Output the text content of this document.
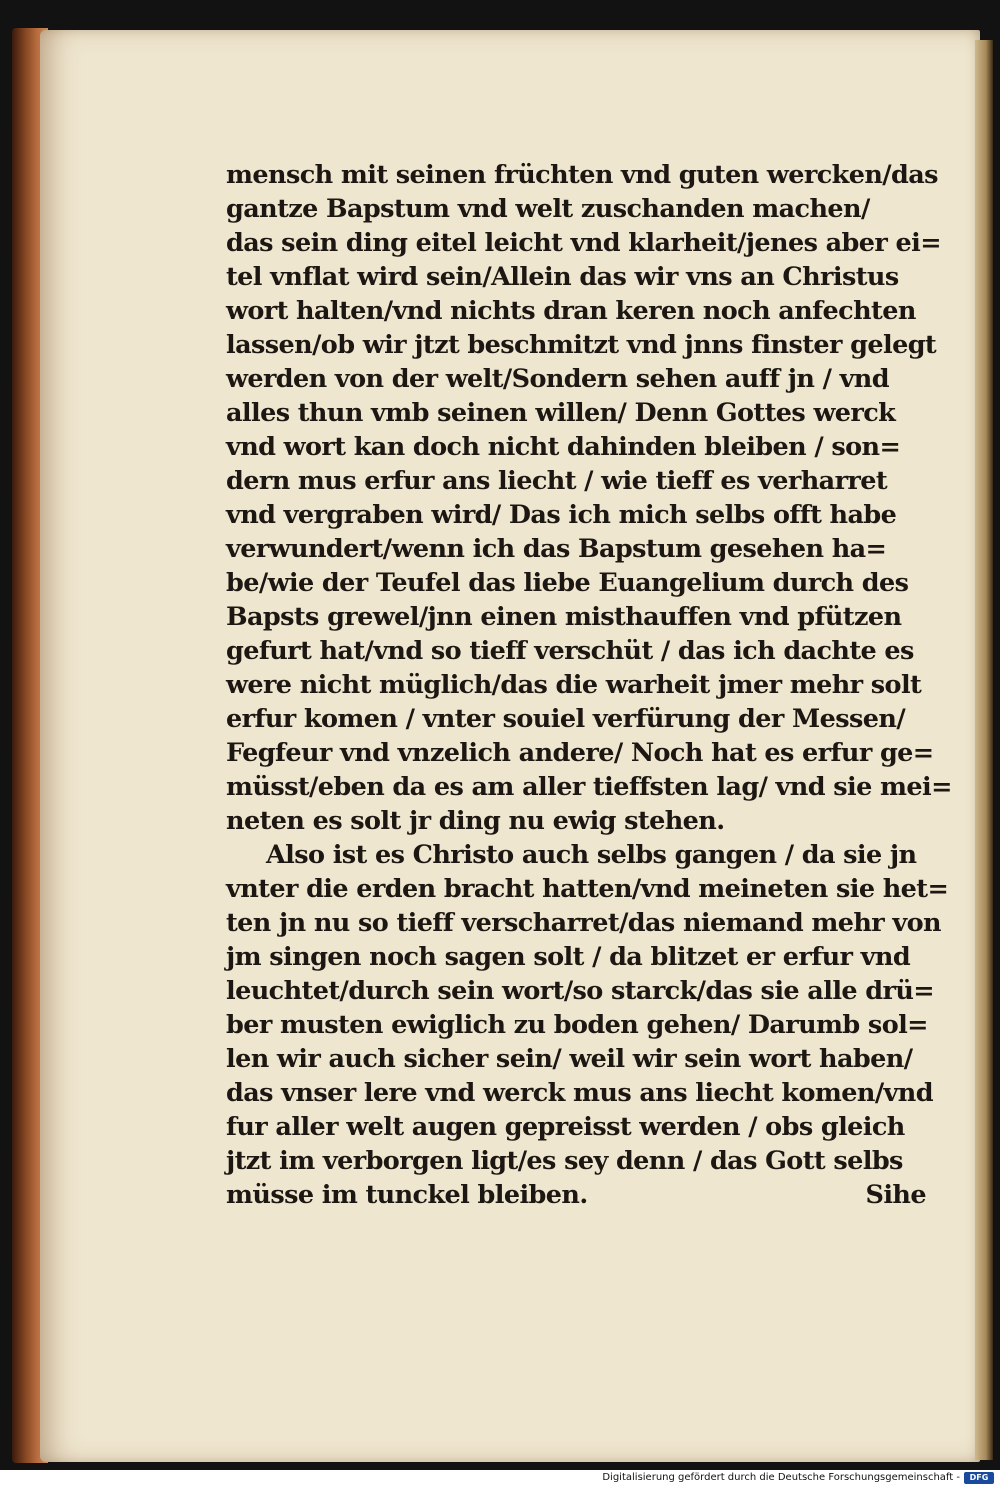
mensch mit seinen früchten vnd guten wercken/das
gantze Bapstum vnd welt zuschanden machen/
das sein ding eitel leicht vnd klarheit/jenes aber ei=
tel vnflat wird sein/Allein das wir vns an Christus
wort halten/vnd nichts dran keren noch anfechten
lassen/ob wir jtzt beschmitzt vnd jnns finster gelegt
werden von der welt/Sondern sehen auff jn / vnd
alles thun vmb seinen willen/ Denn Gottes werck
vnd wort kan doch nicht dahinden bleiben / son=
dern mus erfur ans liecht / wie tieff es verharret
vnd vergraben wird/ Das ich mich selbs offt habe
verwundert/wenn ich das Bapstum gesehen ha=
be/wie der Teufel das liebe Euangelium durch des
Bapsts grewel/jnn einen misthauffen vnd pfützen
gefurt hat/vnd so tieff verschüt / das ich dachte es
were nicht müglich/das die warheit jmer mehr solt
erfur komen / vnter souiel verfürung der Messen/
Fegfeur vnd vnzelich andere/ Noch hat es erfur ge=
müsst/eben da es am aller tieffsten lag/ vnd sie mei=
neten es solt jr ding nu ewig stehen.
Also ist es Christo auch selbs gangen / da sie jn
vnter die erden bracht hatten/vnd meineten sie het=
ten jn nu so tieff verscharret/das niemand mehr von
jm singen noch sagen solt / da blitzet er erfur vnd
leuchtet/durch sein wort/so starck/das sie alle drü=
ber musten ewiglich zu boden gehen/ Darumb sol=
len wir auch sicher sein/ weil wir sein wort haben/
das vnser lere vnd werck mus ans liecht komen/vnd
fur aller welt augen gepreisst werden / obs gleich
jtzt im verborgen ligt/es sey denn / das Gott selbs
müsse im tunckel bleiben.	Sihe
Digitalisierung gefördert durch die Deutsche Forschungsgemeinschaft -	DFG
